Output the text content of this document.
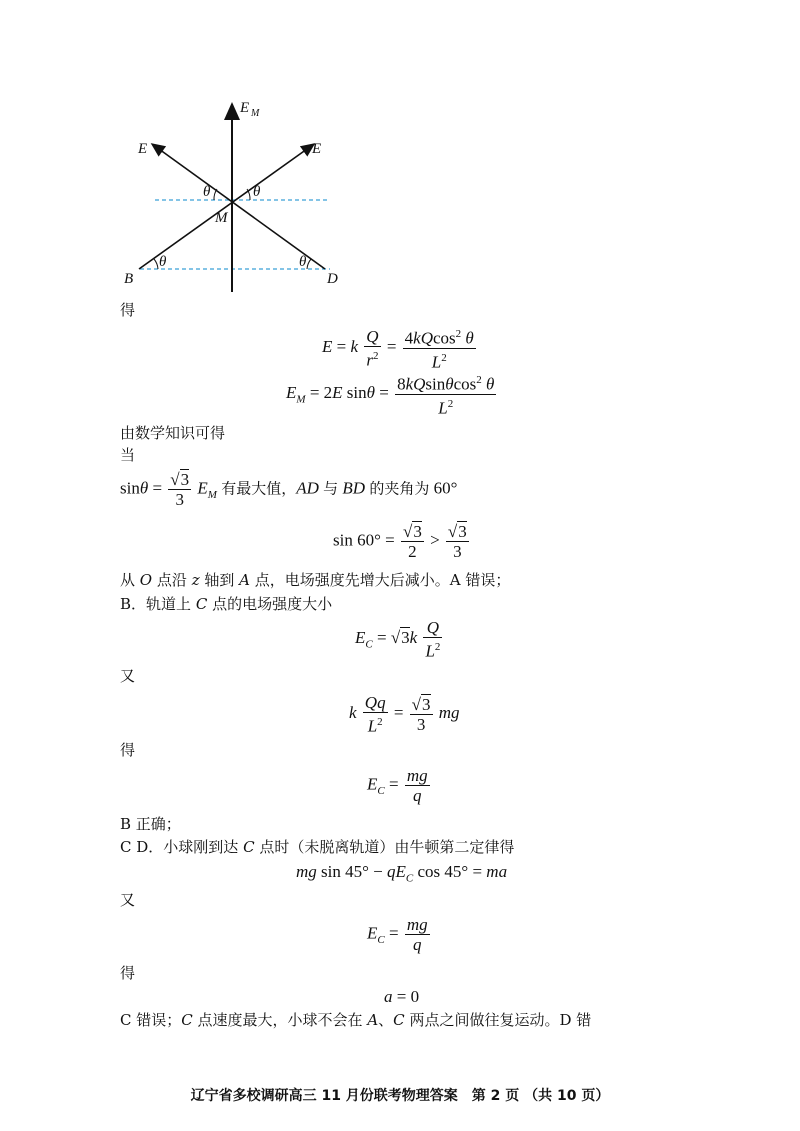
E M
E	E
θ	θ
M
θ	θ
B	D
得
E = k $\frac{Q}{r^2} = \frac{4kQcos^2 \theta}{L^2}$
$E_M = 2E$ $\sin\theta = \frac{8kQsin\theta\cos^2 \theta}{L^2}$
由数学知识可得
当
$\sin\theta = \frac{√3}{3} E_M$ 有最大值，AD 与 BD 的夹角为 60°
$\sin 60^\circ = \frac{√3}{2} > \frac{√3}{3}$
从 O 点沿 z 轴到 A 点，电场强度先增大后减小。A 错误；
B．轨道上 C 点的电场强度大小
$E_C = √3k \frac{Q}{L^2}$
又
k $\frac{Qq}{L^2} = \frac{√3}{3}$ mg
得
$E_C = \frac{mg}{q}$
B 正确；
C D．小球刚到达 C 点时（未脱离轨道）由牛顿第二定律得
mg $\sin 45^\circ - qE_C$ cos 45° = ma
又
$E_C = \frac{mg}{q}$
得
a = 0
C 错误；C 点速度最大，小球不会在 A、C 两点之间做往复运动。D 错
辽宁省多校调研高三 11 月份联考物理答案　第 2 页 （共 10 页）
